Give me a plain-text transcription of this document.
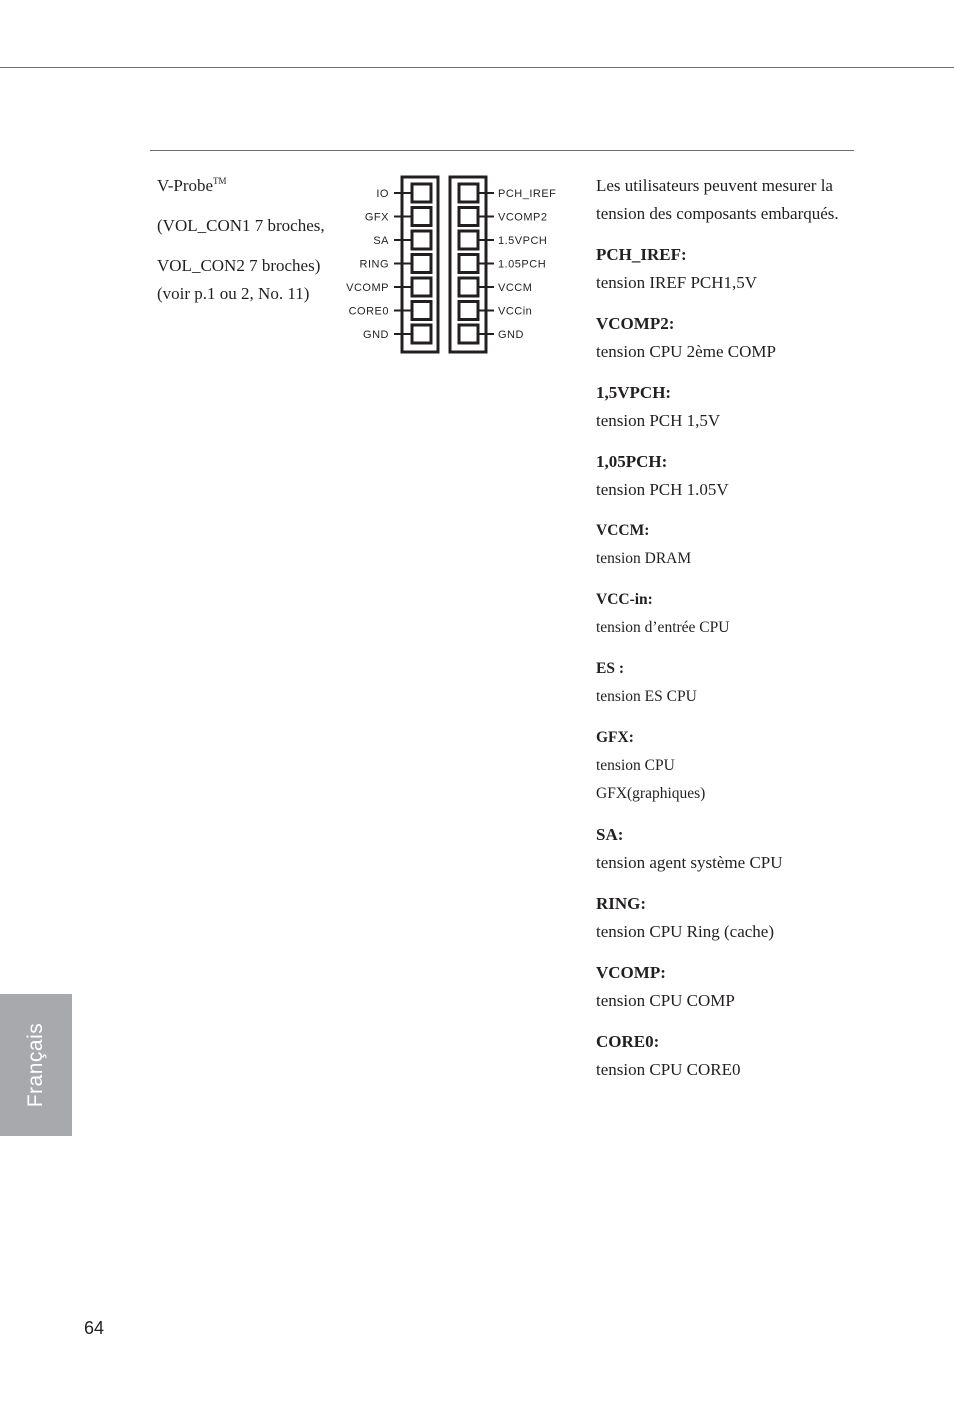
V-Probe™

(VOL_CON1 7 broches,

VOL_CON2 7 broches)

(voir p.1 ou 2, No. 11)

IO
GFX
SA
RING
VCOMP
CORE0
GND
PCH_IREF
VCOMP2
1.5VPCH
1.05PCH
VCCM
VCCin
GND

Les utilisateurs peuvent mesurer la tension des composants embarqués.

PCH_IREF:

tension IREF PCH1,5V

VCOMP2:

tension CPU 2ème COMP

1,5VPCH:

tension PCH 1,5V

1,05PCH:

tension PCH 1.05V

VCCM:

tension DRAM

VCC-in:

tension d’entrée CPU

ES :

tension ES CPU

GFX:

tension CPU GFX(graphiques)

SA:

tension agent système CPU

RING:

tension CPU Ring (cache)

VCOMP:

tension CPU COMP

CORE0:

tension CPU CORE0

Français
64
